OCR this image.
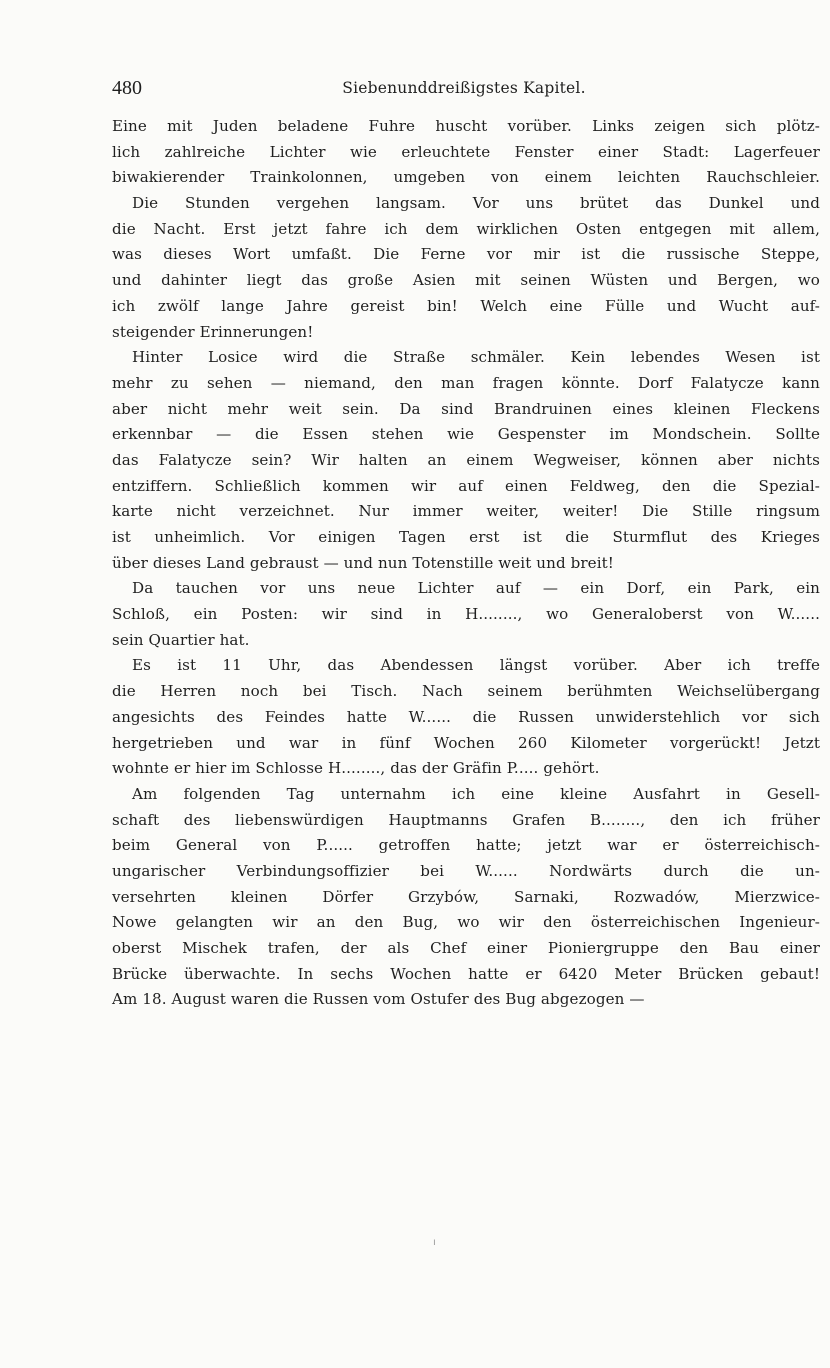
480	Siebenunddreißigstes Kapitel.
Eine mit Juden beladene Fuhre huscht vorüber. Links zeigen sich plötz-
lich zahlreiche Lichter wie erleuchtete Fenster einer Stadt: Lagerfeuer
biwakierender Trainkolonnen, umgeben von einem leichten Rauchschleier.
Die Stunden vergehen langsam. Vor uns brütet das Dunkel und
die Nacht. Erst jetzt fahre ich dem wirklichen Osten entgegen mit allem,
was dieses Wort umfaßt. Die Ferne vor mir ist die russische Steppe,
und dahinter liegt das große Asien mit seinen Wüsten und Bergen, wo
ich zwölf lange Jahre gereist bin! Welch eine Fülle und Wucht auf-
steigender Erinnerungen!
Hinter Losice wird die Straße schmäler. Kein lebendes Wesen ist
mehr zu sehen — niemand, den man fragen könnte. Dorf Falatycze kann
aber nicht mehr weit sein. Da sind Brandruinen eines kleinen Fleckens
erkennbar — die Essen stehen wie Gespenster im Mondschein. Sollte
das Falatycze sein? Wir halten an einem Wegweiser, können aber nichts
entziffern. Schließlich kommen wir auf einen Feldweg, den die Spezial-
karte nicht verzeichnet. Nur immer weiter, weiter! Die Stille ringsum
ist unheimlich. Vor einigen Tagen erst ist die Sturmflut des Krieges
über dieses Land gebraust — und nun Totenstille weit und breit!
Da tauchen vor uns neue Lichter auf — ein Dorf, ein Park, ein
Schloß, ein Posten: wir sind in H........, wo Generaloberst von W......
sein Quartier hat.
Es ist 11 Uhr, das Abendessen längst vorüber. Aber ich treffe
die Herren noch bei Tisch. Nach seinem berühmten Weichselübergang
angesichts des Feindes hatte W...... die Russen unwiderstehlich vor sich
hergetrieben und war in fünf Wochen 260 Kilometer vorgerückt! Jetzt
wohnte er hier im Schlosse H........, das der Gräfin P..... gehört.
Am folgenden Tag unternahm ich eine kleine Ausfahrt in Gesell-
schaft des liebenswürdigen Hauptmanns Grafen B........, den ich früher
beim General von P...... getroffen hatte; jetzt war er österreichisch-
ungarischer Verbindungsoffizier bei W...... Nordwärts durch die un-
versehrten kleinen Dörfer Grzybów, Sarnaki, Rozwadów, Mierzwice-
Nowe gelangten wir an den Bug, wo wir den österreichischen Ingenieur-
oberst Mischek trafen, der als Chef einer Pioniergruppe den Bau einer
Brücke überwachte. In sechs Wochen hatte er 6420 Meter Brücken gebaut!
Am 18. August waren die Russen vom Ostufer des Bug abgezogen —
ı
